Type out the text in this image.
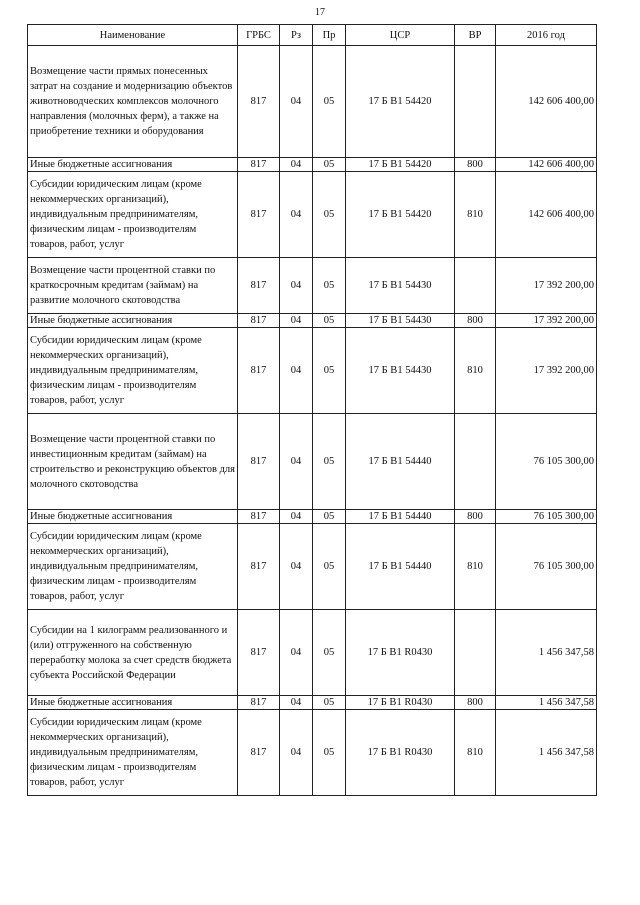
17
Наименование	ГРБС	Рз	Пр	ЦСР	ВР	2016 год
Возмещение части прямых понесенных затрат на создание и модернизацию объектов животноводческих комплексов молочного направления (молочных ферм), а также на приобретение техники и оборудования	817	04	05	17 Б В1 54420		142 606 400,00
Иные бюджетные ассигнования	817	04	05	17 Б В1 54420	800	142 606 400,00
Субсидии юридическим лицам (кроме некоммерческих организаций), индивидуальным предпринимателям, физическим лицам - производителям товаров, работ, услуг	817	04	05	17 Б В1 54420	810	142 606 400,00
Возмещение части процентной ставки по краткосрочным кредитам (займам) на развитие молочного скотоводства	817	04	05	17 Б В1 54430		17 392 200,00
Иные бюджетные ассигнования	817	04	05	17 Б В1 54430	800	17 392 200,00
Субсидии юридическим лицам (кроме некоммерческих организаций), индивидуальным предпринимателям, физическим лицам - производителям товаров, работ, услуг	817	04	05	17 Б В1 54430	810	17 392 200,00
Возмещение части процентной ставки по инвестиционным кредитам (займам) на строительство и реконструкцию объектов для молочного скотоводства	817	04	05	17 Б В1 54440		76 105 300,00
Иные бюджетные ассигнования	817	04	05	17 Б В1 54440	800	76 105 300,00
Субсидии юридическим лицам (кроме некоммерческих организаций), индивидуальным предпринимателям, физическим лицам - производителям товаров, работ, услуг	817	04	05	17 Б В1 54440	810	76 105 300,00
Субсидии на 1 килограмм реализованного и (или) отгруженного на собственную переработку молока за счет средств бюджета субъекта Российской Федерации	817	04	05	17 Б В1 R0430		1 456 347,58
Иные бюджетные ассигнования	817	04	05	17 Б В1 R0430	800	1 456 347,58
Субсидии юридическим лицам (кроме некоммерческих организаций), индивидуальным предпринимателям, физическим лицам - производителям товаров, работ, услуг	817	04	05	17 Б В1 R0430	810	1 456 347,58
